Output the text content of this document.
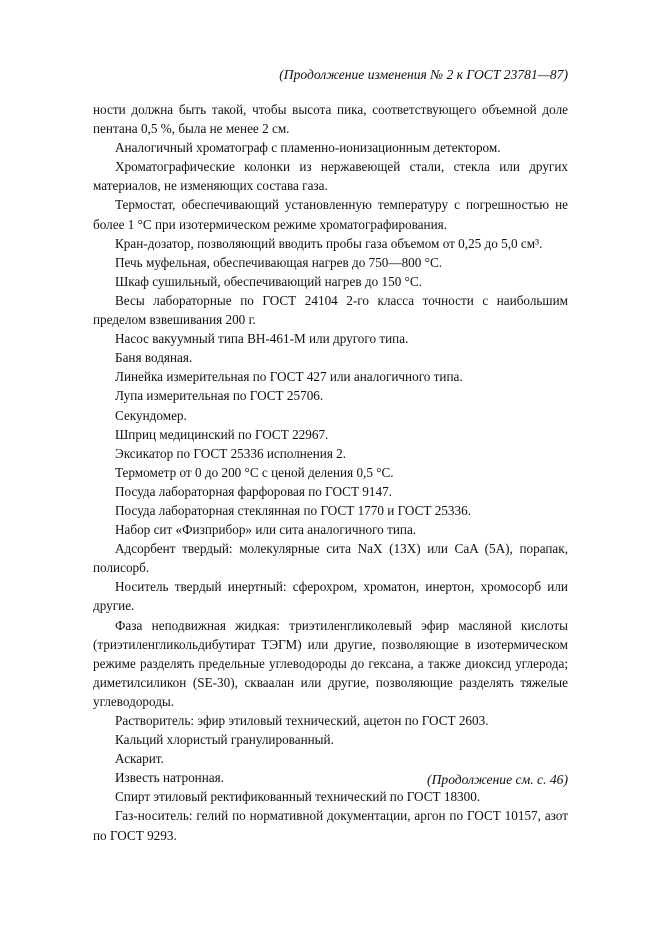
(Продолжение изменения № 2 к ГОСТ 23781—87)

ности должна быть такой, чтобы высота пика, соответствующего объемной доле пентана 0,5 %, была не менее 2 см.

Аналогичный хроматограф с пламенно-ионизационным детектором.

Хроматографические колонки из нержавеющей стали, стекла или других материалов, не изменяющих состава газа.

Термостат, обеспечивающий установленную температуру с погрешностью не более 1 °С при изотермическом режиме хроматографирования.

Кран-дозатор, позволяющий вводить пробы газа объемом от 0,25 до 5,0 см³.

Печь муфельная, обеспечивающая нагрев до 750—800 °С.

Шкаф сушильный, обеспечивающий нагрев до 150 °С.

Весы лабораторные по ГОСТ 24104 2-го класса точности с наибольшим пределом взвешивания 200 г.

Насос вакуумный типа ВН-461-М или другого типа.

Баня водяная.

Линейка измерительная по ГОСТ 427 или аналогичного типа.

Лупа измерительная по ГОСТ 25706.

Секундомер.

Шприц медицинский по ГОСТ 22967.

Эксикатор по ГОСТ 25336 исполнения 2.

Термометр от 0 до 200 °С с ценой деления 0,5 °С.

Посуда лабораторная фарфоровая по ГОСТ 9147.

Посуда лабораторная стеклянная по ГОСТ 1770 и ГОСТ 25336.

Набор сит «Физприбор» или сита аналогичного типа.

Адсорбент твердый: молекулярные сита NaX (13X) или CaA (5A), порапак, полисорб.

Носитель твердый инертный: сферохром, хроматон, инертон, хромосорб или другие.

Фаза неподвижная жидкая: триэтиленгликолевый эфир масляной кислоты (триэтиленгликольдибутират ТЭГМ) или другие, позволяющие в изотермическом режиме разделять предельные углеводороды до гексана, а также диоксид углерода; диметилсиликон (SE-30), скваалан или другие, позволяющие разделять тяжелые углеводороды.

Растворитель: эфир этиловый технический, ацетон по ГОСТ 2603.

Кальций хлористый гранулированный.

Аскарит.

Известь натронная.

Спирт этиловый ректификованный технический по ГОСТ 18300.

Газ-носитель: гелий по нормативной документации, аргон по ГОСТ 10157, азот по ГОСТ 9293.

(Продолжение см. с. 46)
